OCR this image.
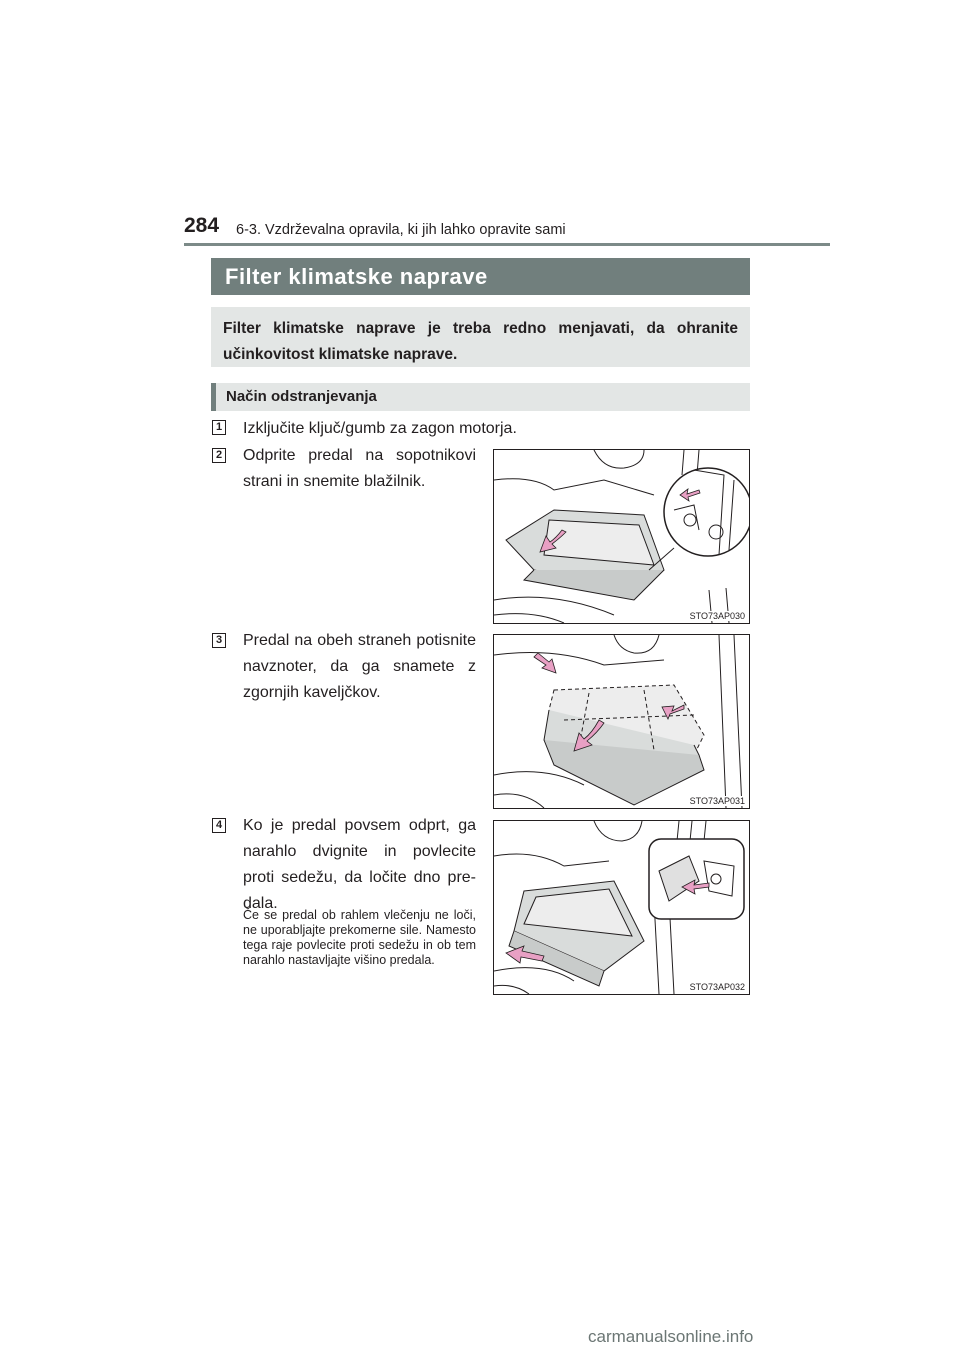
284 6-3. Vzdrževalna opravila, ki jih lahko opravite sami
Filter klimatske naprave
Filter klimatske naprave je treba redno menjavati, da ohranite učinkovitost klimatske naprave.
Način odstranjevanja
1 Izključite ključ/gumb za zagon motorja.
2 Odprite predal na sopotnikovi strani in snemite blažilnik.
STO73AP030
3 Predal na obeh straneh potisnite navznoter, da ga snamete z zgornjih kaveljčkov.
STO73AP031
4 Ko je predal povsem odprt, ga narahlo dvignite in povlecite proti sedežu, da ločite dno predala.
Če se predal ob rahlem vlečenju ne loči, ne uporabljajte prekomerne sile. Namesto tega raje povlecite proti sedežu in ob tem narahlo nastavljajte višino predala.
STO73AP032
carmanualsonline.info
